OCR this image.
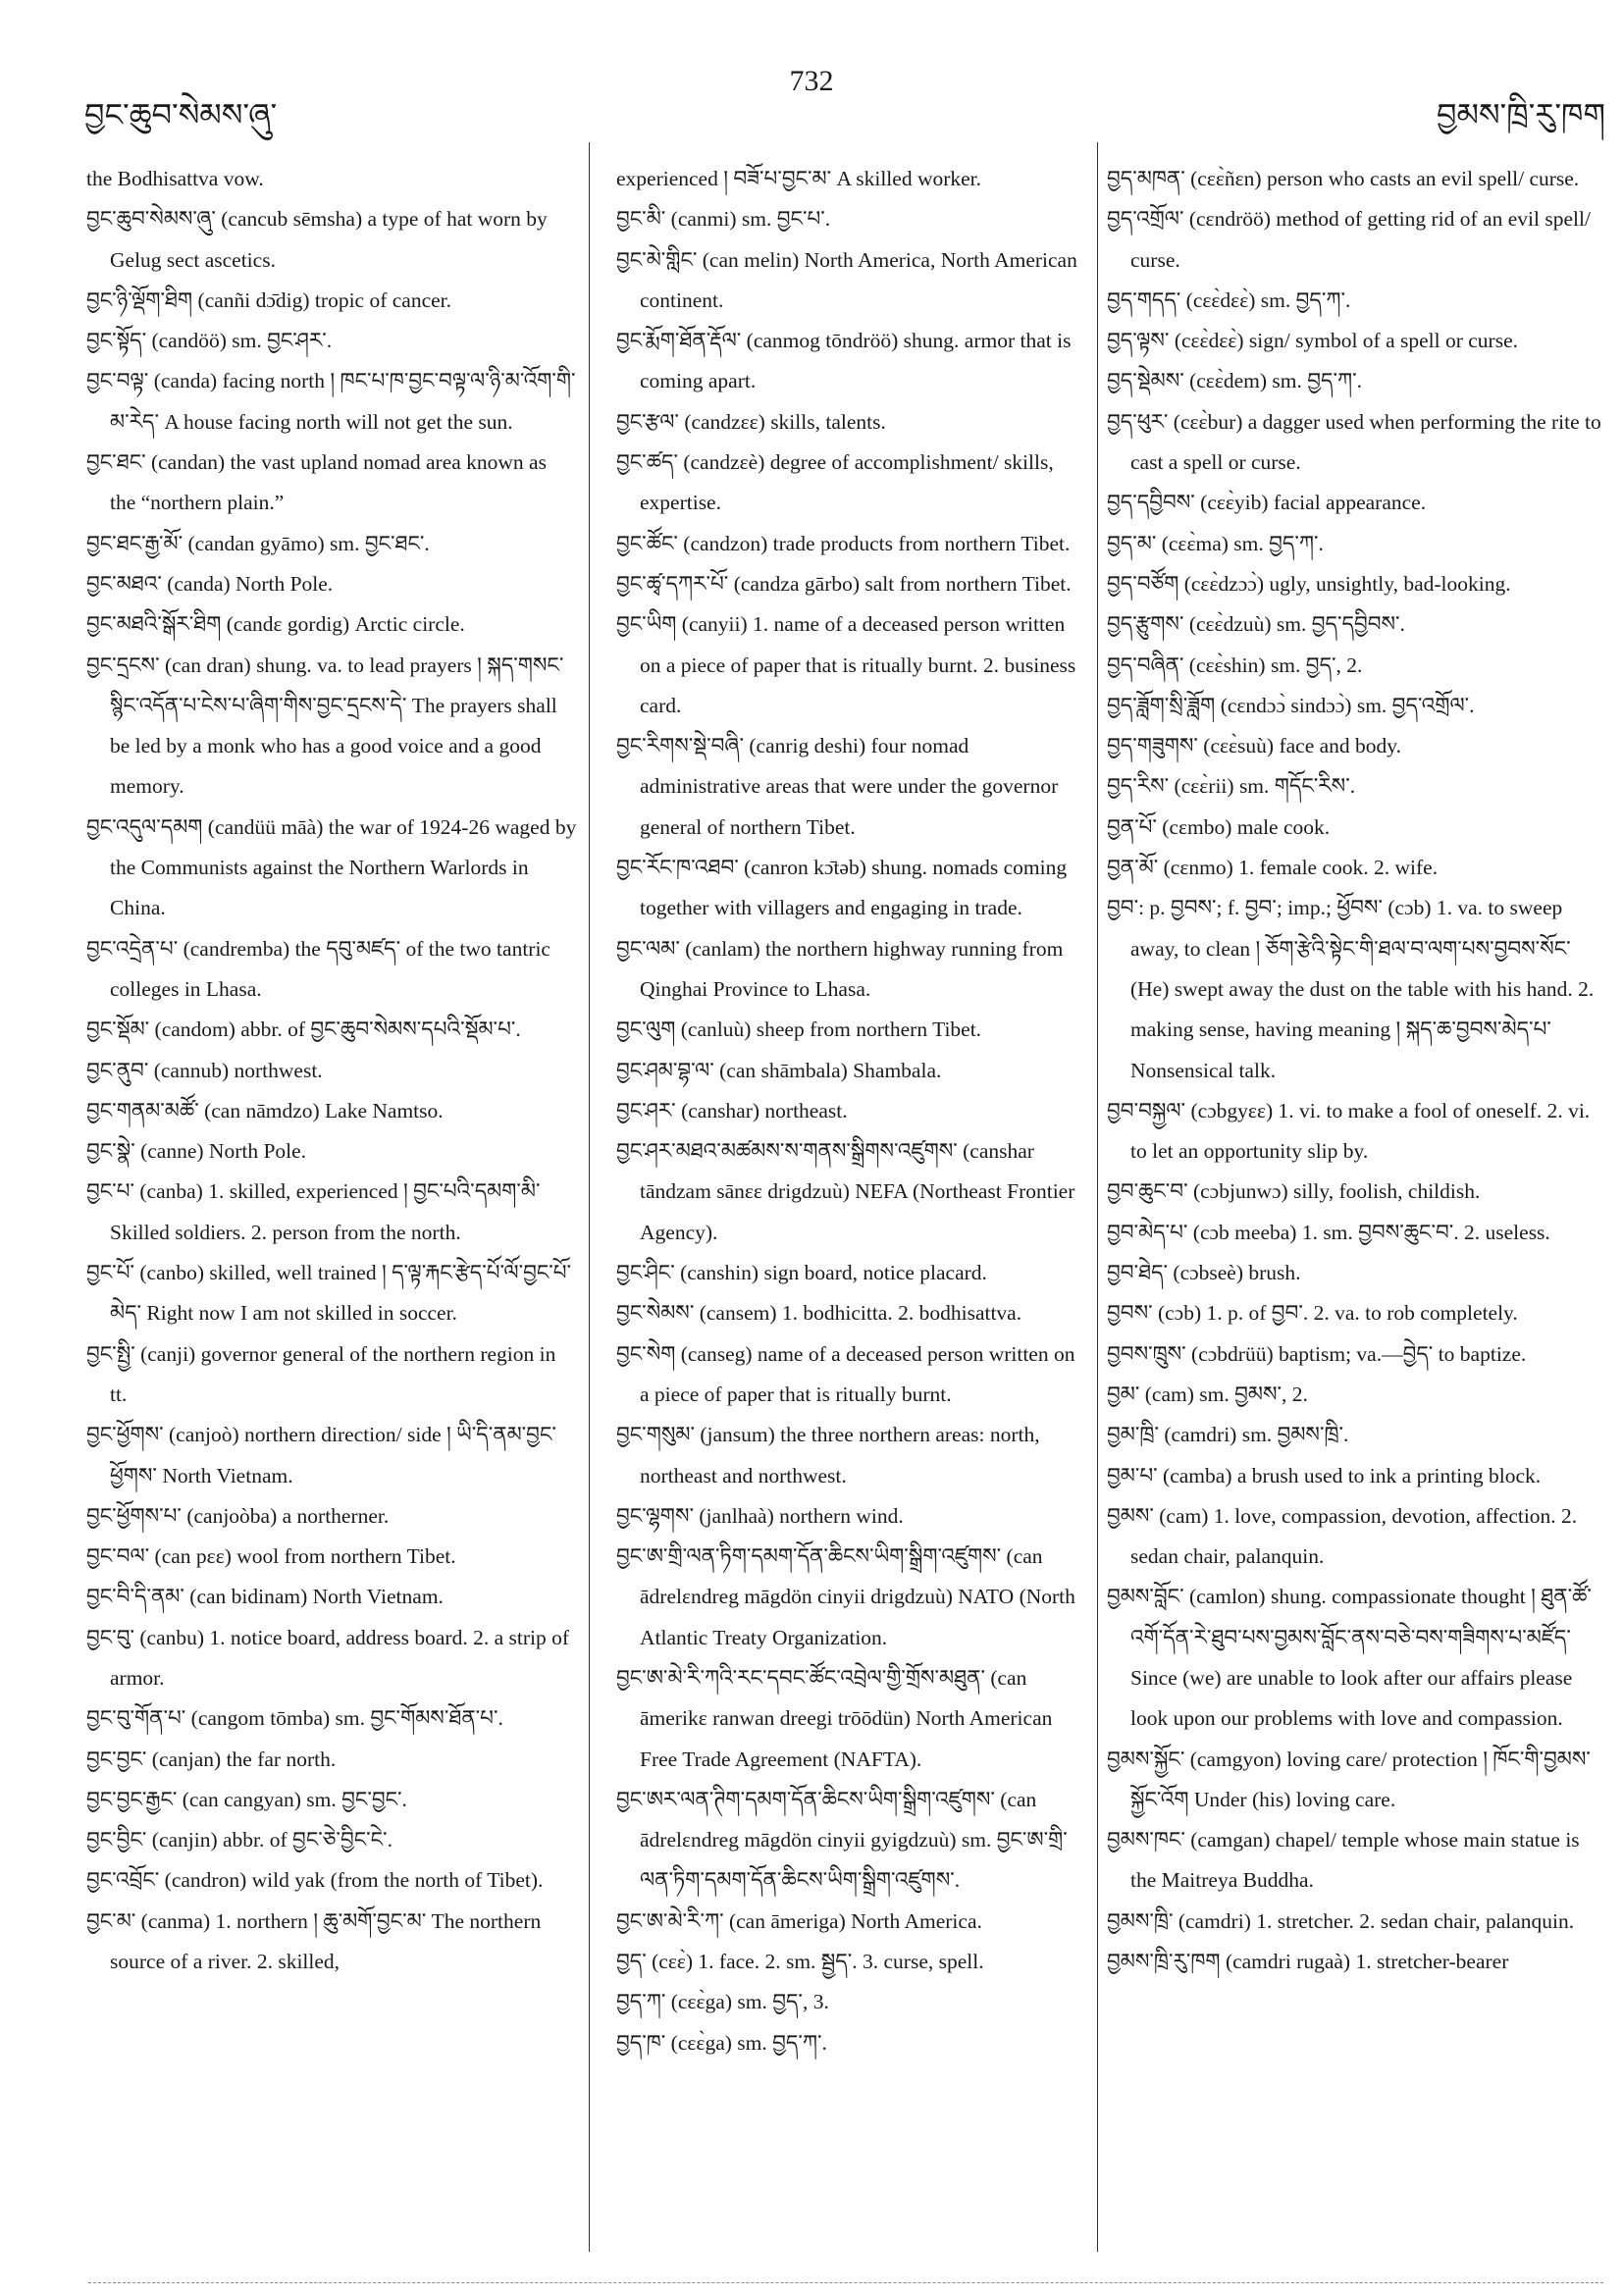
བྱང་ཆུབ་སེམས་ཞུ་
732
བྱམས་ཁྲི་རུ་ཁག

the Bodhisattva vow.

བྱང་ཆུབ་སེམས་ཞུ་ (cancub sēmsha) a type of hat worn by Gelug sect ascetics.

བྱང་ཉི་ལྡོག་ཐིག (canñi dɔ̄dig) tropic of cancer.

བྱང་སྟོད་ (candöö) sm. བྱང་ཤར་.

བྱང་བལྟ་ (canda) facing north ། ཁང་པ་ཁ་བྱང་བལྟ་ལ་ཉི་མ་འོག་གི་མ་རེད་ A house facing north will not get the sun.

བྱང་ཐང་ (candan) the vast upland nomad area known as the “northern plain.”

བྱང་ཐང་རྒྱ་མོ་ (candan gyāmo) sm. བྱང་ཐང་.

བྱང་མཐའ་ (canda) North Pole.

བྱང་མཐའི་སྒོར་ཐིག (candɛ gordig) Arctic circle.

བྱང་དྲངས་ (can dran) shung. va. to lead prayers ། སྐད་གསང་སྙིང་འདོན་པ་ངེས་པ་ཞིག་གིས་བྱང་དྲངས་དེ་ The prayers shall be led by a monk who has a good voice and a good memory.

བྱང་འདུལ་དམག (candüü māà) the war of 1924-26 waged by the Communists against the Northern Warlords in China.

བྱང་འདྲེན་པ་ (candremba) the དབུ་མཛད་ of the two tantric colleges in Lhasa.

བྱང་སྡོམ་ (candom) abbr. of བྱང་ཆུབ་སེམས་དཔའི་སྡོམ་པ་.

བྱང་ནུབ་ (cannub) northwest.

བྱང་གནམ་མཚོ་ (can nāmdzo) Lake Namtso.

བྱང་སྣེ་ (canne) North Pole.

བྱང་པ་ (canba) 1. skilled, experienced ། བྱང་པའི་དམག་མི་ Skilled soldiers. 2. person from the north.

བྱང་པོ་ (canbo) skilled, well trained ། ད་ལྟ་རྐང་རྩེད་པོ་ལོ་བྱང་པོ་མེད་ Right now I am not skilled in soccer.

བྱང་སྤྱི་ (canji) governor general of the northern region in tt.

བྱང་ཕྱོགས་ (canjoò) northern direction/ side ། ཡི་དི་ནམ་བྱང་ཕྱོགས་ North Vietnam.

བྱང་ཕྱོགས་པ་ (canjoòba) a northerner.

བྱང་བལ་ (can pɛɛ) wool from northern Tibet.

བྱང་བི་དི་ནམ་ (can bidinam) North Vietnam.

བྱང་བུ་ (canbu) 1. notice board, address board. 2. a strip of armor.

བྱང་བུ་གོན་པ་ (cangom tōmba) sm. བྱང་གོམས་ཐོན་པ་.

བྱང་བྱང་ (canjan) the far north.

བྱང་བྱང་རྒྱང་ (can cangyan) sm. བྱང་བྱང་.

བྱང་བྱིང་ (canjin) abbr. of བྱང་ཅེ་བྱིང་ངེ་.

བྱང་འབྲོང་ (candron) wild yak (from the north of Tibet).

བྱང་མ་ (canma) 1. northern ། ཆུ་མགོ་བྱང་མ་ The northern source of a river. 2. skilled,

experienced ། བཟོ་པ་བྱང་མ་ A skilled worker.

བྱང་མི་ (canmi) sm. བྱང་པ་.

བྱང་མེ་གླིང་ (can melin) North America, North American continent.

བྱང་རྨོག་ཐོན་རྡོལ་ (canmog tōndröö) shung. armor that is coming apart.

བྱང་རྩལ་ (candzɛɛ) skills, talents.

བྱང་ཚད་ (candzɛè) degree of accomplishment/ skills, expertise.

བྱང་ཚོང་ (candzon) trade products from northern Tibet.

བྱང་ཚྭ་དཀར་པོ་ (candza gārbo) salt from northern Tibet.

བྱང་ཡིག (canyii) 1. name of a deceased person written on a piece of paper that is ritually burnt. 2. business card.

བྱང་རིགས་སྡེ་བཞི་ (canrig deshi) four nomad administrative areas that were under the governor general of northern Tibet.

བྱང་རོང་ཁ་འཐབ་ (canron kɔ̄təb) shung. nomads coming together with villagers and engaging in trade.

བྱང་ལམ་ (canlam) the northern highway running from Qinghai Province to Lhasa.

བྱང་ལུག (canluù) sheep from northern Tibet.

བྱང་ཤམ་བྷ་ལ་ (can shāmbala) Shambala.

བྱང་ཤར་ (canshar) northeast.

བྱང་ཤར་མཐའ་མཚམས་ས་གནས་སྒྲིགས་འཛུགས་ (canshar tāndzam sānɛɛ drigdzuù) NEFA (Northeast Frontier Agency).

བྱང་ཤིང་ (canshin) sign board, notice placard.

བྱང་སེམས་ (cansem) 1. bodhicitta. 2. bodhisattva.

བྱང་སེག (canseg) name of a deceased person written on a piece of paper that is ritually burnt.

བྱང་གསུམ་ (jansum) the three northern areas: north, northeast and northwest.

བྱང་ལྷགས་ (janlhaà) northern wind.

བྱང་ཨ་གྲི་ལན་ཏིག་དམག་དོན་ཆིངས་ཡིག་སྒྲིག་འཛུགས་ (can ādrelɛndreg māgdön cinyii drigdzuù) NATO (North Atlantic Treaty Organization.

བྱང་ཨ་མེ་རི་ཀའི་རང་དབང་ཚོང་འབྲེལ་གྱི་གྲོས་མཐུན་ (can āmerikɛ ranwan dreegi trōōdün) North American Free Trade Agreement (NAFTA).

བྱང་ཨར་ལན་ཊིག་དམག་དོན་ཆིངས་ཡིག་སྒྲིག་འཛུགས་ (can ādrelɛndreg māgdön cinyii gyigdzuù) sm. བྱང་ཨ་གྲི་ལན་ཏིག་དམག་དོན་ཆིངས་ཡིག་སྒྲིག་འཛུགས་.

བྱང་ཨ་མེ་རི་ཀ་ (can āmeriga) North America.

བྱད་ (cɛɛ̀) 1. face. 2. sm. སྦྱད་. 3. curse, spell.

བྱད་ཀ་ (cɛɛ̀ga) sm. བྱད་, 3.

བྱད་ཁ་ (cɛɛ̀ga) sm. བྱད་ཀ་.

བྱད་མཁན་ (cɛɛ̀ñɛn) person who casts an evil spell/ curse.

བྱད་འགྲོལ་ (cɛndröö) method of getting rid of an evil spell/ curse.

བྱད་གདད་ (cɛɛ̀dɛɛ̀) sm. བྱད་ཀ་.

བྱད་ལྟས་ (cɛɛ̀dɛɛ̀) sign/ symbol of a spell or curse.

བྱད་སྡེམས་ (cɛɛ̀dem) sm. བྱད་ཀ་.

བྱད་ཕུར་ (cɛɛ̀bur) a dagger used when performing the rite to cast a spell or curse.

བྱད་དབྱིབས་ (cɛɛ̀yib) facial appearance.

བྱད་མ་ (cɛɛ̀ma) sm. བྱད་ཀ་.

བྱད་བཙོག (cɛɛ̀dzɔɔ̀) ugly, unsightly, bad-looking.

བྱད་རྩུགས་ (cɛɛ̀dzuù) sm. བྱད་དབྱིབས་.

བྱད་བཞིན་ (cɛɛ̀shin) sm. བྱད་, 2.

བྱད་ཟློག་སྲི་ཟློག (cɛndɔɔ̀ sindɔɔ̀) sm. བྱད་འགྲོལ་.

བྱད་གཟུགས་ (cɛɛ̀suù) face and body.

བྱད་རིས་ (cɛɛ̀rii) sm. གདོང་རིས་.

བྱན་པོ་ (cɛmbo) male cook.

བྱན་མོ་ (cɛnmo) 1. female cook. 2. wife.

བྱབ་: p. བྱབས་; f. བྱབ་; imp.; ཕྱོབས་ (cɔb) 1. va. to sweep away, to clean ། ཅོག་རྩེའི་སྟེང་གི་ཐལ་བ་ལག་པས་བྱབས་སོང་ (He) swept away the dust on the table with his hand. 2. making sense, having meaning ། སྐད་ཆ་བྱབས་མེད་པ་ Nonsensical talk.

བྱབ་བསྐྱལ་ (cɔbgyɛɛ) 1. vi. to make a fool of oneself. 2. vi. to let an opportunity slip by.

བྱབ་ཆུང་བ་ (cɔbjunwɔ) silly, foolish, childish.

བྱབ་མེད་པ་ (cɔb meeba) 1. sm. བྱབས་ཆུང་བ་. 2. useless.

བྱབ་ཐེད་ (cɔbseè) brush.

བྱབས་ (cɔb) 1. p. of བྱབ་. 2. va. to rob completely.

བྱབས་ཁྲུས་ (cɔbdrüü) baptism; va.—བྱེད་ to baptize.

བྱམ་ (cam) sm. བྱམས་, 2.

བྱམ་ཁྲི་ (camdri) sm. བྱམས་ཁྲི་.

བྱམ་པ་ (camba) a brush used to ink a printing block.

བྱམས་ (cam) 1. love, compassion, devotion, affection. 2. sedan chair, palanquin.

བྱམས་བློང་ (camlon) shung. compassionate thought ། ཐུན་ཚོ་འགོ་དོན་རེ་ཐུབ་པས་བྱམས་བློང་ནས་བཅེ་བས་གཟིགས་པ་མཛོད་ Since (we) are unable to look after our affairs please look upon our problems with love and compassion.

བྱམས་སྐྱོང་ (camgyon) loving care/ protection ། ཁོང་གི་བྱམས་སྐྱོང་འོག Under (his) loving care.

བྱམས་ཁང་ (camgan) chapel/ temple whose main statue is the Maitreya Buddha.

བྱམས་ཁྲི་ (camdri) 1. stretcher. 2. sedan chair, palanquin.

བྱམས་ཁྲི་རུ་ཁག (camdri rugaà) 1. stretcher-bearer
